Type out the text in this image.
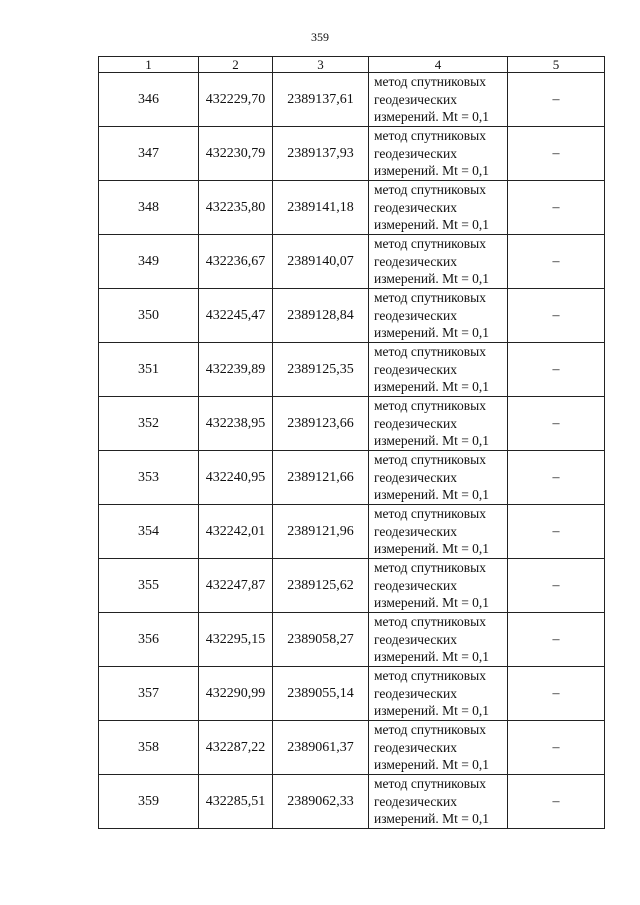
359
1	2	3	4	5
346	432229,70	2389137,61	метод спутниковых
геодезических
измерений. Mt = 0,1	–
347	432230,79	2389137,93	метод спутниковых
геодезических
измерений. Mt = 0,1	–
348	432235,80	2389141,18	метод спутниковых
геодезических
измерений. Mt = 0,1	–
349	432236,67	2389140,07	метод спутниковых
геодезических
измерений. Mt = 0,1	–
350	432245,47	2389128,84	метод спутниковых
геодезических
измерений. Mt = 0,1	–
351	432239,89	2389125,35	метод спутниковых
геодезических
измерений. Mt = 0,1	–
352	432238,95	2389123,66	метод спутниковых
геодезических
измерений. Mt = 0,1	–
353	432240,95	2389121,66	метод спутниковых
геодезических
измерений. Mt = 0,1	–
354	432242,01	2389121,96	метод спутниковых
геодезических
измерений. Mt = 0,1	–
355	432247,87	2389125,62	метод спутниковых
геодезических
измерений. Mt = 0,1	–
356	432295,15	2389058,27	метод спутниковых
геодезических
измерений. Mt = 0,1	–
357	432290,99	2389055,14	метод спутниковых
геодезических
измерений. Mt = 0,1	–
358	432287,22	2389061,37	метод спутниковых
геодезических
измерений. Mt = 0,1	–
359	432285,51	2389062,33	метод спутниковых
геодезических
измерений. Mt = 0,1	–
